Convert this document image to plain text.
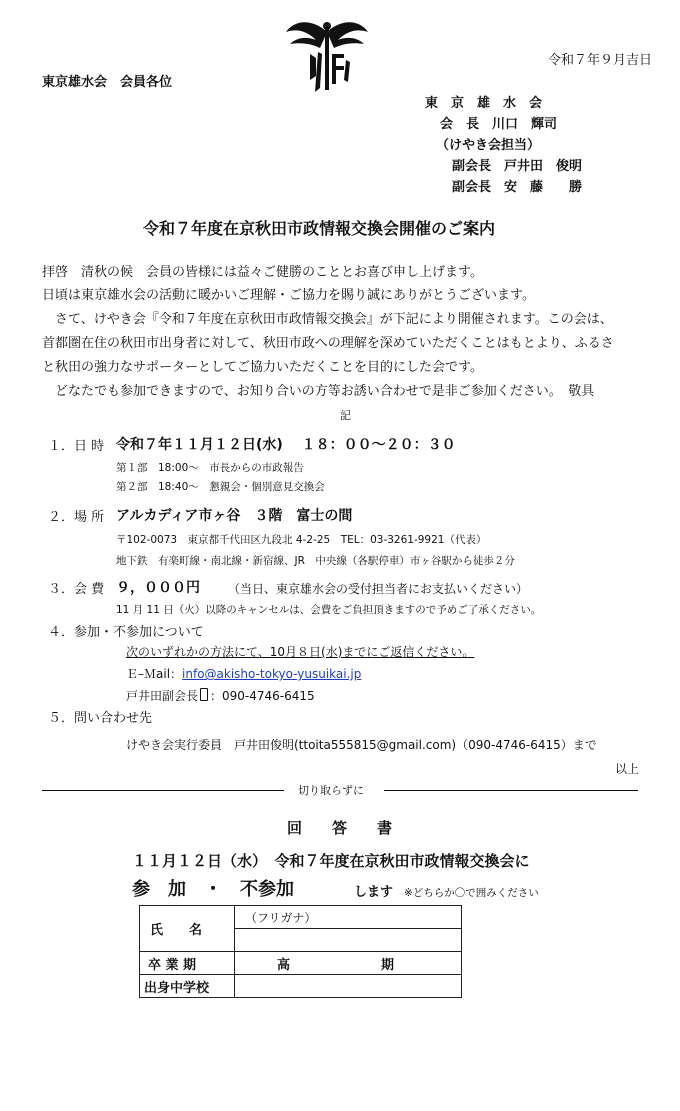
令和７年９月吉日
東京雄水会　会員各位
東　京　雄　水　会
会　長　川口　輝司
（けやき会担当）
副会長　戸井田　俊明
副会長　安　藤　　勝
令和７年度在京秋田市政情報交換会開催のご案内
拝啓　清秋の候　会員の皆様には益々ご健勝のこととお喜び申し上げます。
日頃は東京雄水会の活動に暖かいご理解・ご協力を賜り誠にありがとうございます。
　さて、けやき会『令和７年度在京秋田市政情報交換会』が下記により開催されます。この会は、
首都圏在住の秋田市出身者に対して、秋田市政への理解を深めていただくことはもとより、ふるさ
と秋田の強力なサポーターとしてご協力いただくことを目的にした会です。
　どなたでも参加できますので、お知り合いの方等お誘い合わせで是非ご参加ください。　敬具
記
１．日 時 令和７年１１月１２日(水)　 １８：００～２０：３０
第１部　18:00～　市長からの市政報告
第２部　18:40～　懇親会・個別意見交換会
２．場 所 アルカディア市ヶ谷　３階　富士の間
〒102-0073　東京都千代田区九段北 4-2-25　TEL：03-3261-9921（代表）
地下鉄　有楽町線・南北線・新宿線、JR　中央線（各駅停車）市ヶ谷駅から徒歩２分
３．会 費 ９，０００円 （当日、東京雄水会の受付担当者にお支払いください）
11 月 11 日（火）以降のキャンセルは、会費をご負担頂きますので予めご了承ください。
４．参加・不参加について
次のいずれかの方法にて、10月８日(水)までにご返信ください。
Ｅ–Ｍail：info@akisho-tokyo-yusuikai.jp
戸井田副会長 ：090-4746-6415
５．問い合わせ先
けやき会実行委員　戸井田俊明(ttoita555815@gmail.com)（090-4746-6415）まで
以上
切り取らずに
回　　答　　書
１１月１２日（水）　令和７年度在京秋田市政情報交換会に
参　加　・　不参加	します ※どちらか〇で囲みください
氏　　名	（フリガナ）

卒 業 期	高　　　　　　　期
出身中学校	
